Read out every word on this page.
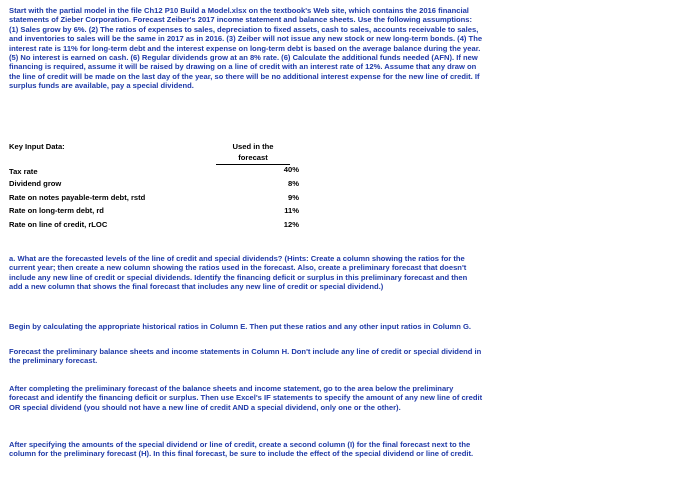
Start with the partial model in the file Ch12 P10 Build a Model.xlsx on the textbook's Web site, which contains the 2016 financial
statements of Zieber Corporation. Forecast Zeiber's 2017 income statement and balance sheets. Use the following assumptions:
(1) Sales grow by 6%. (2) The ratios of expenses to sales, depreciation to fixed assets, cash to sales, accounts receivable to sales,
and inventories to sales will be the same in 2017 as in 2016. (3) Zeiber will not issue any new stock or new long-term bonds. (4) The
interest rate is 11% for long-term debt and the interest expense on long-term debt is based on the average balance during the year.
(5) No interest is earned on cash. (6) Regular dividends grow at an 8% rate. (6) Calculate the additional funds needed (AFN). If new
financing is required, assume it will be raised by drawing on a line of credit with an interest rate of 12%. Assume that any draw on
the line of credit will be made on the last day of the year, so there will be no additional interest expense for the new line of credit. If
surplus funds are available, pay a special dividend.
Key Input Data:	Used in the
forecast
Tax rate	40%
Dividend grow	8%
Rate on notes payable-term debt, rstd	9%
Rate on long-term debt, rd	11%
Rate on line of credit, rLOC	12%
a. What are the forecasted levels of the line of credit and special dividends? (Hints: Create a column showing the ratios for the
current year; then create a new column showing the ratios used in the forecast. Also, create a preliminary forecast that doesn't
include any new line of credit or special dividends. Identify the financing deficit or surplus in this preliminary forecast and then
add a new column that shows the final forecast that includes any new line of credit or special dividend.)
Begin by calculating the appropriate historical ratios in Column E. Then put these ratios and any other input ratios in Column G.
Forecast the preliminary balance sheets and income statements in Column H. Don't include any line of credit or special dividend in
the preliminary forecast.
After completing the preliminary forecast of the balance sheets and income statement, go to the area below the preliminary
forecast and identify the financing deficit or surplus. Then use Excel's IF statements to specify the amount of any new line of credit
OR special dividend (you should not have a new line of credit AND a special dividend, only one or the other).
After specifying the amounts of the special dividend or line of credit, create a second column (I) for the final forecast next to the
column for the preliminary forecast (H). In this final forecast, be sure to include the effect of the special dividend or line of credit.
